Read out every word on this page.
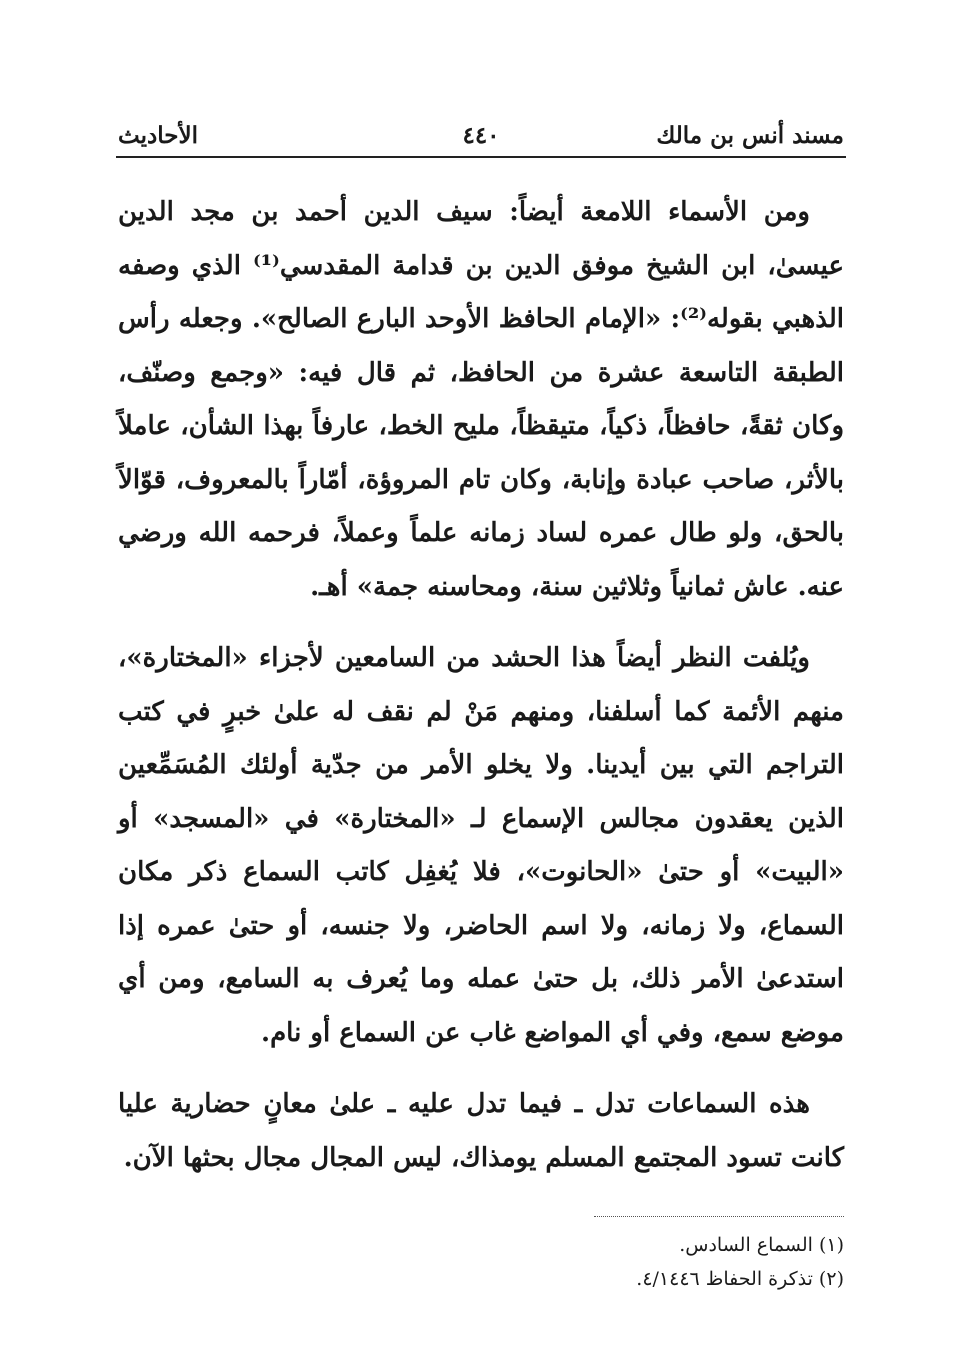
مسند أنس بن مالك
٤٤٠
الأحاديث

ومن الأسماء اللامعة أيضاً: سيف الدين أحمد بن مجد الدين عيسىٰ، ابن الشيخ موفق الدين بن قدامة المقدسي⁽¹⁾ الذي وصفه الذهبي بقوله⁽²⁾: «الإمام الحافظ الأوحد البارع الصالح». وجعله رأس الطبقة التاسعة عشرة من الحافظ، ثم قال فيه: «وجمع وصنّف، وكان ثقةً، حافظاً، ذكياً، متيقظاً، مليح الخط، عارفاً بهذا الشأن، عاملاً بالأثر، صاحب عبادة وإنابة، وكان تام المروؤة، أمّاراً بالمعروف، قوّالاً بالحق، ولو طال عمره لساد زمانه علماً وعملاً، فرحمه الله ورضي عنه. عاش ثمانياً وثلاثين سنة، ومحاسنه جمة» أهـ.

ويُلفت النظر أيضاً هذا الحشد من السامعين لأجزاء «المختارة»، منهم الأئمة كما أسلفنا، ومنهم مَنْ لم نقف له علىٰ خبرٍ في كتب التراجم التي بين أيدينا. ولا يخلو الأمر من جدّية أولئك المُسَمِّعين الذين يعقدون مجالس الإسماع لـ «المختارة» في «المسجد» أو «البيت» أو حتىٰ «الحانوت»، فلا يُغفِل كاتب السماع ذكر مكان السماع، ولا زمانه، ولا اسم الحاضر، ولا جنسه، أو حتىٰ عمره إذا استدعىٰ الأمر ذلك، بل حتىٰ عمله وما يُعرف به السامع، ومن أي موضع سمع، وفي أي المواضع غاب عن السماع أو نام.

هذه السماعات تدل ـ فيما تدل عليه ـ علىٰ معانٍ حضارية عليا كانت تسود المجتمع المسلم يومذاك، ليس المجال مجال بحثها الآن.

(١) السماع السادس.
(٢) تذكرة الحفاظ ٤/١٤٤٦.
